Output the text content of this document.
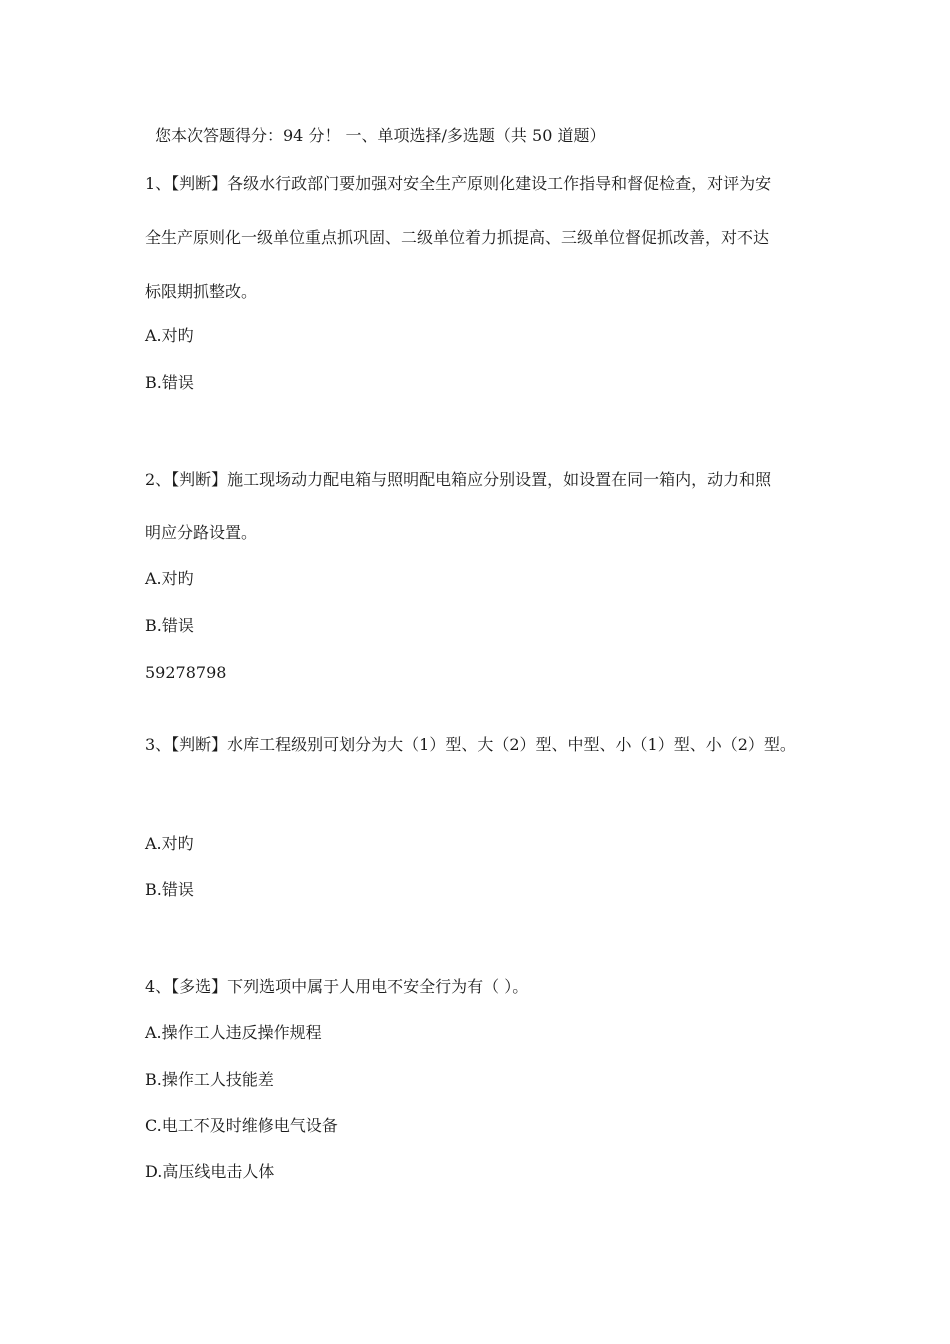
您本次答题得分：94 分！ 一、单项选择/多选题（共 50 道题）
1、【判断】各级水行政部门要加强对安全生产原则化建设工作指导和督促检查，对评为安
全生产原则化一级单位重点抓巩固、二级单位着力抓提高、三级单位督促抓改善，对不达
标限期抓整改。
A.对旳
B.错误
2、【判断】施工现场动力配电箱与照明配电箱应分别设置，如设置在同一箱内，动力和照
明应分路设置。
A.对旳
B.错误
59278798
3、【判断】水库工程级别可划分为大（1）型、大（2）型、中型、小（1）型、小（2）型。
A.对旳
B.错误
4、【多选】下列选项中属于人用电不安全行为有（ ）。
A.操作工人违反操作规程
B.操作工人技能差
C.电工不及时维修电气设备
D.高压线电击人体
